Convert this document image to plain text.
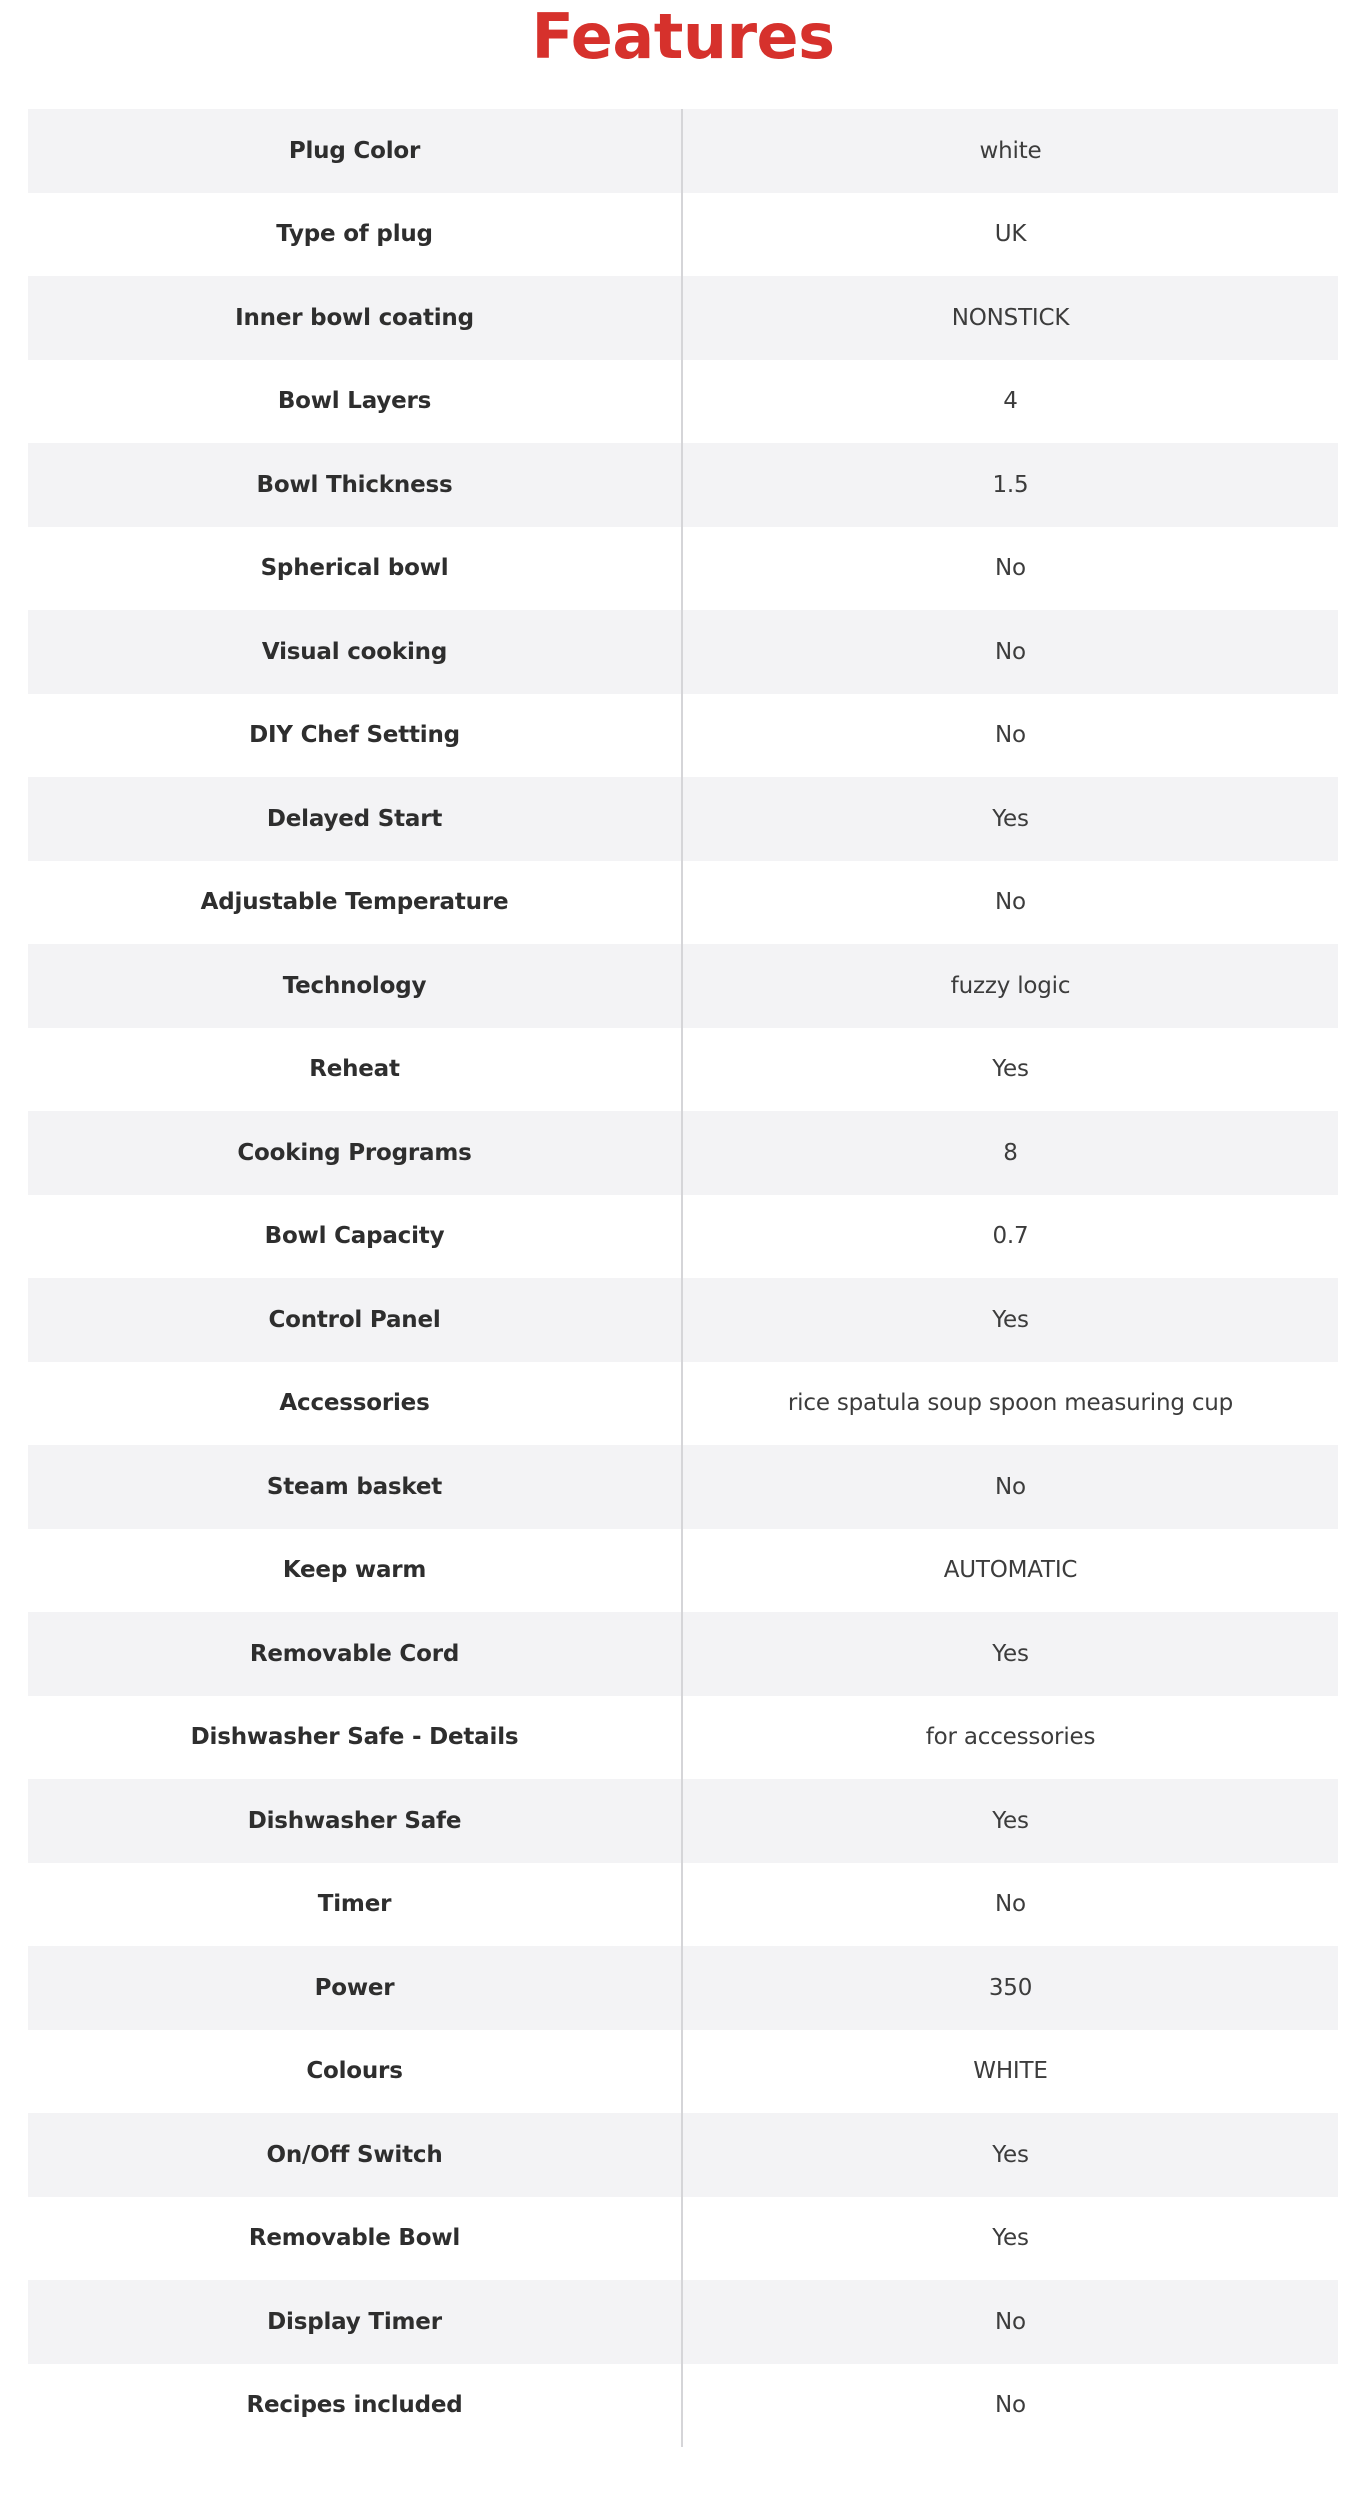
Features
Plug Color	white
Type of plug	UK
Inner bowl coating	NONSTICK
Bowl Layers	4
Bowl Thickness	1.5
Spherical bowl	No
Visual cooking	No
DIY Chef Setting	No
Delayed Start	Yes
Adjustable Temperature	No
Technology	fuzzy logic
Reheat	Yes
Cooking Programs	8
Bowl Capacity	0.7
Control Panel	Yes
Accessories	rice spatula soup spoon measuring cup
Steam basket	No
Keep warm	AUTOMATIC
Removable Cord	Yes
Dishwasher Safe - Details	for accessories
Dishwasher Safe	Yes
Timer	No
Power	350
Colours	WHITE
On/Off Switch	Yes
Removable Bowl	Yes
Display Timer	No
Recipes included	No
